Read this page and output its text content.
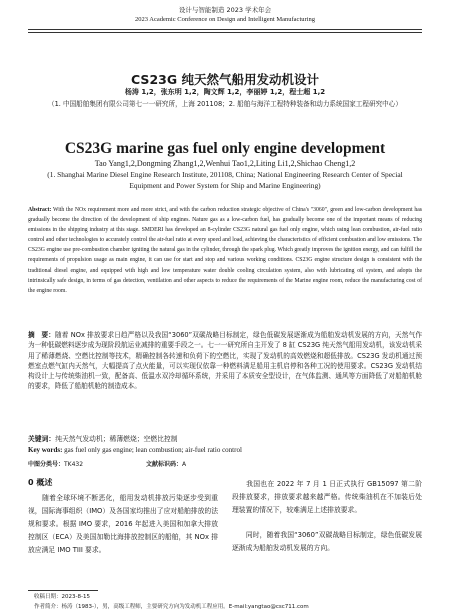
设计与智能制造 2023 学术年会
2023 Academic Conference on Design and Intelligent Manufacturing
CS23G 纯天然气船用发动机设计
杨涛 1,2，张东明 1,2，陶文辉 1,2，李丽婷 1,2，程士超 1,2
（1. 中国船舶集团有限公司第七一一研究所，上海 201108；2. 船舶与海洋工程特种装备和动力系统国家工程研究中心）
CS23G marine gas fuel only engine development
Tao Yang1,2,Dongming Zhang1,2,Wenhui Tao1,2,Liting Li1,2,Shichao Cheng1,2
(1. Shanghai Marine Diesel Engine Research Institute, 201108, China; National Engineering Research Center of Special Equipment and Power System for Ship and Marine Engineering)
Abstract: With the NOx requirement more and more strict, and with the carbon reduction strategic objective of China's "3060", green and low-carbon development has gradually become the direction of the development of ship engines. Nature gas as a low-carbon fuel, has gradually become one of the important means of reducing emissions in the shipping industry at this stage. SMDERI has developed an 8-cylinder CS23G natural gas fuel only engine, which using lean combustion, air-fuel ratio control and other technologies to accurately control the air-fuel ratio at every speed and load, achieving the characteristics of efficient combustion and low emissions. The CS23G engine use pre-combustion chamber igniting the natural gas in the cylinder, through the spark plug. Which greatly improves the ignition energy, and can fulfill the requirements of propulsion usage as main engine, it can use for start and stop and various working conditions. CS23G engine structure design is consistent with the traditional diesel engine, and equipped with high and low temperature water double cooling circulation system, also with lubricating oil system, and adopts the intrinsically safe design, in terms of gas detection, ventilation and other aspects to reduce the requirements of the Marine engine room, reduce the manufacturing cost of the engine room.
摘　要：随着 NOx 排放要求日趋严格以及我国“3060”双碳战略目标制定，绿色低碳发展逐渐成为船舶发动机发展的方向，天然气作为一种低碳燃料逐步成为现阶段航运业减排的重要手段之一。七一一研究所自主开发了 8 缸 CS23G 纯天然气船用发动机，该发动机采用了稀薄燃烧、空燃比控制等技术，精确控制各转速和负荷下的空燃比，实现了发动机的高效燃烧和超低排放。CS23G 发动机通过预燃室点燃气缸内天然气，大幅提高了点火能量，可以实现仅依靠一种燃料满足船用主机启停和各种工况的使用要求。CS23G 发动机结构设计上与传统柴油机一致，配备高、低温水双冷却循环系统，并采用了本质安全型设计，在气体监测、通风等方面降低了对船舶机舱的要求，降低了船舶机舱的制造成本。
关键词：纯天然气发动机；稀薄燃烧；空燃比控制
Key words: gas fuel only gas engine; lean combustion; air-fuel ratio control
中图分类号：TK432	文献标识码：A
0 概述
　　随着全球环境不断恶化，船用发动机排放污染逐步受到重视，国际海事组织（IMO）及各国家均推出了应对船舶排放的法规和要求。根据 IMO 要求，2016 年起进入美国和加拿大排放控制区（ECA）及美国加勒比海排放控制区的船舶，其 NOx 排放应满足 IMO TIII 要求。
　　我国也在 2022 年 7 月 1 日正式执行 GB15097 第二阶段排放要求，排放要求越来越严格。传统柴油机在不加装后处理装置的情况下，较难满足上述排放要求。
　　同时，随着我国“3060”双碳战略目标制定，绿色低碳发展逐渐成为船舶发动机发展的方向。
收稿日期：2023-8-15
作者简介：杨涛（1983-），男，高级工程师，主要研究方向为发动机工程应用。E-mail:yangtao@csc711.com
